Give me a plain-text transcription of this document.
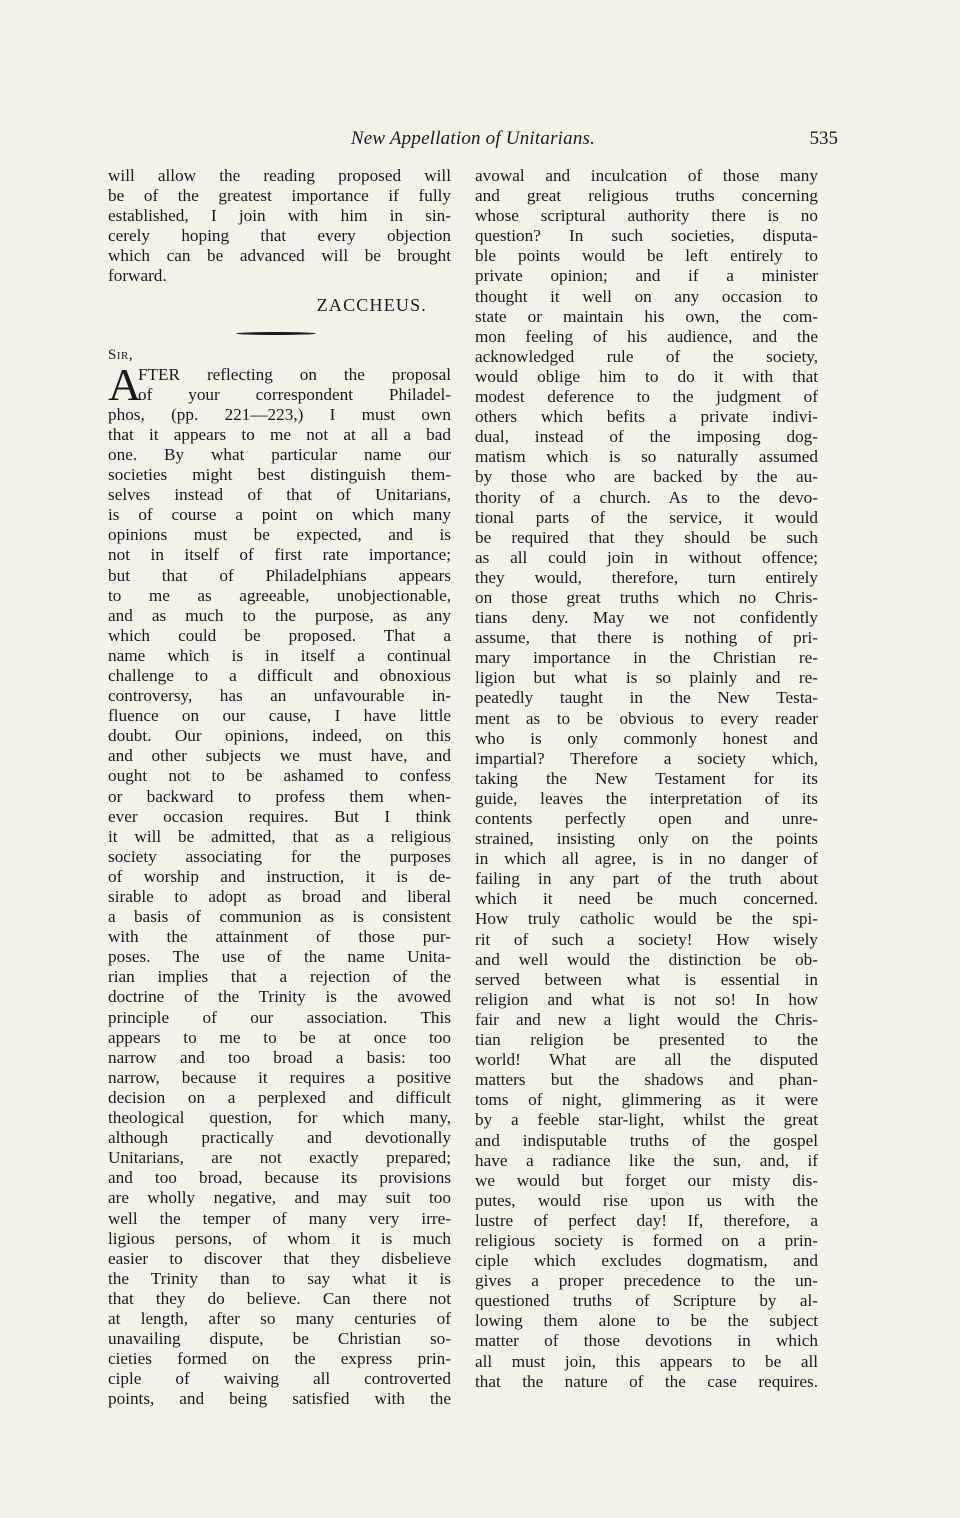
New Appellation of Unitarians.	535
will allow the reading proposed will
be of the greatest importance if fully
established, I join with him in sin-
cerely hoping that every objection
which can be advanced will be brought
forward.
ZACCHEUS.
Sir,
A
FTER reflecting on the proposal
of your correspondent Philadel-
phos, (pp. 221—223,) I must own
that it appears to me not at all a bad
one. By what particular name our
societies might best distinguish them-
selves instead of that of Unitarians,
is of course a point on which many
opinions must be expected, and is
not in itself of first rate importance;
but that of Philadelphians appears
to me as agreeable, unobjectionable,
and as much to the purpose, as any
which could be proposed. That a
name which is in itself a continual
challenge to a difficult and obnoxious
controversy, has an unfavourable in-
fluence on our cause, I have little
doubt. Our opinions, indeed, on this
and other subjects we must have, and
ought not to be ashamed to confess
or backward to profess them when-
ever occasion requires. But I think
it will be admitted, that as a religious
society associating for the purposes
of worship and instruction, it is de-
sirable to adopt as broad and liberal
a basis of communion as is consistent
with the attainment of those pur-
poses. The use of the name Unita-
rian implies that a rejection of the
doctrine of the Trinity is the avowed
principle of our association. This
appears to me to be at once too
narrow and too broad a basis: too
narrow, because it requires a positive
decision on a perplexed and difficult
theological question, for which many,
although practically and devotionally
Unitarians, are not exactly prepared;
and too broad, because its provisions
are wholly negative, and may suit too
well the temper of many very irre-
ligious persons, of whom it is much
easier to discover that they disbelieve
the Trinity than to say what it is
that they do believe. Can there not
at length, after so many centuries of
unavailing dispute, be Christian so-
cieties formed on the express prin-
ciple of waiving all controverted
points, and being satisfied with the
avowal and inculcation of those many
and great religious truths concerning
whose scriptural authority there is no
question? In such societies, disputa-
ble points would be left entirely to
private opinion; and if a minister
thought it well on any occasion to
state or maintain his own, the com-
mon feeling of his audience, and the
acknowledged rule of the society,
would oblige him to do it with that
modest deference to the judgment of
others which befits a private indivi-
dual, instead of the imposing dog-
matism which is so naturally assumed
by those who are backed by the au-
thority of a church. As to the devo-
tional parts of the service, it would
be required that they should be such
as all could join in without offence;
they would, therefore, turn entirely
on those great truths which no Chris-
tians deny. May we not confidently
assume, that there is nothing of pri-
mary importance in the Christian re-
ligion but what is so plainly and re-
peatedly taught in the New Testa-
ment as to be obvious to every reader
who is only commonly honest and
impartial? Therefore a society which,
taking the New Testament for its
guide, leaves the interpretation of its
contents perfectly open and unre-
strained, insisting only on the points
in which all agree, is in no danger of
failing in any part of the truth about
which it need be much concerned.
How truly catholic would be the spi-
rit of such a society! How wisely
and well would the distinction be ob-
served between what is essential in
religion and what is not so! In how
fair and new a light would the Chris-
tian religion be presented to the
world! What are all the disputed
matters but the shadows and phan-
toms of night, glimmering as it were
by a feeble star-light, whilst the great
and indisputable truths of the gospel
have a radiance like the sun, and, if
we would but forget our misty dis-
putes, would rise upon us with the
lustre of perfect day! If, therefore, a
religious society is formed on a prin-
ciple which excludes dogmatism, and
gives a proper precedence to the un-
questioned truths of Scripture by al-
lowing them alone to be the subject
matter of those devotions in which
all must join, this appears to be all
that the nature of the case requires.
